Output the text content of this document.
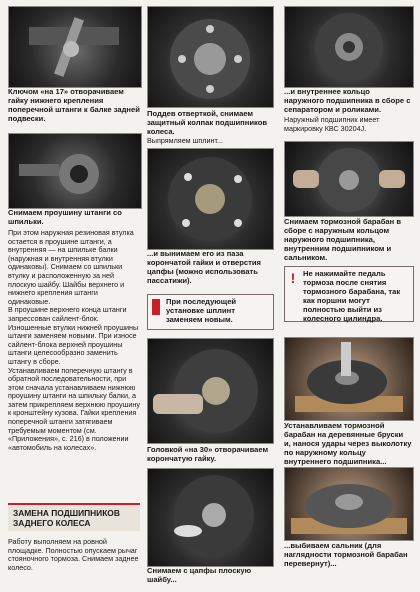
Ключом «на 17» отворачиваем гайку нижнего крепления поперечной штанги к балке задней подвески.

Снимаем проушину штанги со шпильки.

При этом наружная резиновая втулка остается в проушине штанги, а внутренняя — на шпильке балки (наружная и внутренняя втулки одинаковы). Снимаем со шпильки втулку и расположенную за ней плоскую шайбу. Шайбы верхнего и нижнего крепления штанги одинаковые.
В проушине верхнего конца штанги запрессован сайлент-блок.
Изношенные втулки нижней проушины штанги заменяем новыми. При износе сайлент-блока верхней проушины штанги целесообразно заменить штангу в сборе.
Устанавливаем поперечную штангу в обратной последовательности, при этом сначала устанавливаем нижнюю проушину штанги на шпильку балки, а затем прикрепляем верхнюю проушину к кронштейну кузова. Гайки крепления поперечной штанги затягиваем требуемым моментом (см. «Приложения», с. 216) в положении «автомобиль на колесах».

ЗАМЕНА ПОДШИПНИКОВ ЗАДНЕГО КОЛЕСА

Работу выполняем на ровной площадке. Полностью опускаем рычаг стояночного тормоза. Снимаем заднее колесо.

Поддев отверткой, снимаем защитный колпак подшипников колеса.

Выпрямляем шплинт...

...и вынимаем его из паза корончатой гайки и отверстия цапфы (можно использовать пассатижи).

При последующей установке шплинт заменяем новым.

Головкой «на 30» отворачиваем корончатую гайку.

Снимаем с цапфы плоскую шайбу...

...и внутреннее кольцо наружного подшипника в сборе с сепаратором и роликами.

Наружный подшипник имеет маркировку КВС 30204J.

Снимаем тормозной барабан в сборе с наружным кольцом наружного подшипника, внутренним подшипником и сальником.

! Не нажимайте педаль тормоза после снятия тормозного барабана, так как поршни могут полностью выйти из колесного цилиндра.

Устанавливаем тормозной барабан на деревянные бруски и, нанося удары через выколотку по наружному кольцу внутреннего подшипника...

...выбиваем сальник (для наглядности тормозной барабан перевернут)...
